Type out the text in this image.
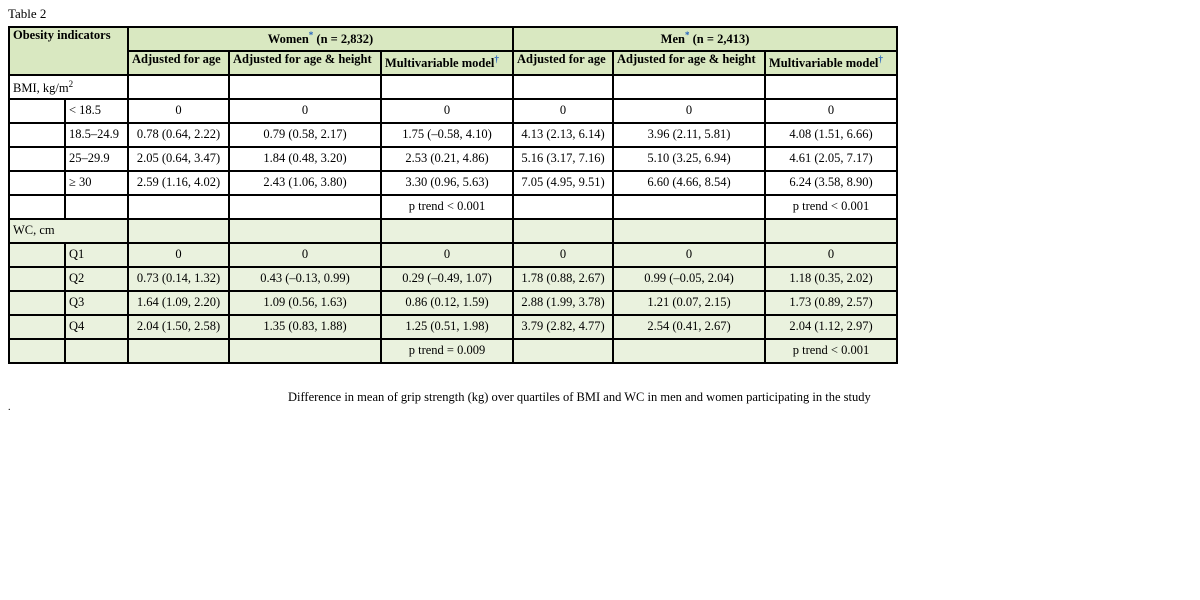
Table 2
Obesity indicators		Women* (n = 2,832)			Men* (n = 2,413)		
		Adjusted for age	Adjusted for age & height	Multivariable model†	Adjusted for age	Adjusted for age & height	Multivariable model†
BMI, $kg/m^2$						
	< 18.5	0	0	0	0	0	0
	18.5–24.9	0.78 (0.64, 2.22)	0.79 (0.58, 2.17)	1.75 (–0.58, 4.10)	4.13 (2.13, 6.14)	3.96 (2.11, 5.81)	4.08 (1.51, 6.66)
	25–29.9	2.05 (0.64, 3.47)	1.84 (0.48, 3.20)	2.53 (0.21, 4.86)	5.16 (3.17, 7.16)	5.10 (3.25, 6.94)	4.61 (2.05, 7.17)
	≥ 30	2.59 (1.16, 4.02)	2.43 (1.06, 3.80)	3.30 (0.96, 5.63)	7.05 (4.95, 9.51)	6.60 (4.66, 8.54)	6.24 (3.58, 8.90)
				p trend < 0.001			p trend < 0.001
WC, cm							
	Q1	0	0	0	0	0	0
	Q2	0.73 (0.14, 1.32)	0.43 (–0.13, 0.99)	0.29 (–0.49, 1.07)	1.78 (0.88, 2.67)	0.99 (–0.05, 2.04)	1.18 (0.35, 2.02)
	Q3	1.64 (1.09, 2.20)	1.09 (0.56, 1.63)	0.86 (0.12, 1.59)	2.88 (1.99, 3.78)	1.21 (0.07, 2.15)	1.73 (0.89, 2.57)
	Q4	2.04 (1.50, 2.58)	1.35 (0.83, 1.88)	1.25 (0.51, 1.98)	3.79 (2.82, 4.77)	2.54 (0.41, 2.67)	2.04 (1.12, 2.97)
				p trend = 0.009			p trend < 0.001
Difference in mean of grip strength (kg) over quartiles of BMI and WC in men and women participating in the study
.
